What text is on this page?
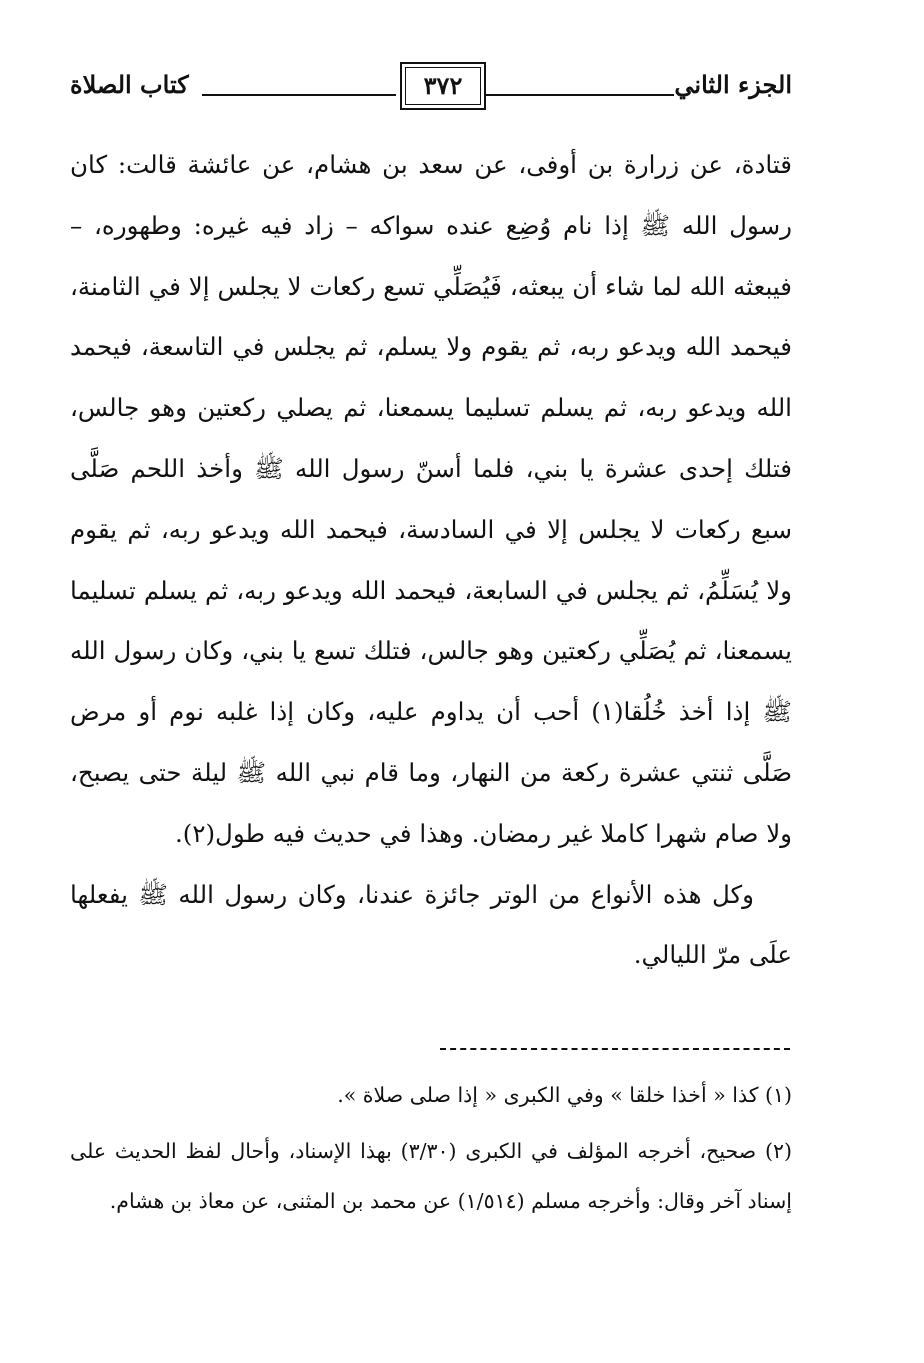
الجزء الثاني
٣٧٢
كتاب الصلاة

قتادة، عن زرارة بن أوفى، عن سعد بن هشام، عن عائشة قالت: كان رسول الله ﷺ إذا نام وُضِع عنده سواكه – زاد فيه غيره: وطهوره، – فيبعثه الله لما شاء أن يبعثه، فَيُصَلِّي تسع ركعات لا يجلس إلا في الثامنة، فيحمد الله ويدعو ربه، ثم يقوم ولا يسلم، ثم يجلس في التاسعة، فيحمد الله ويدعو ربه، ثم يسلم تسليما يسمعنا، ثم يصلي ركعتين وهو جالس، فتلك إحدى عشرة يا بني، فلما أسنّ رسول الله ﷺ وأخذ اللحم صَلَّى سبع ركعات لا يجلس إلا في السادسة، فيحمد الله ويدعو ربه، ثم يقوم ولا يُسَلِّمُ، ثم يجلس في السابعة، فيحمد الله ويدعو ربه، ثم يسلم تسليما يسمعنا، ثم يُصَلِّي ركعتين وهو جالس، فتلك تسع يا بني، وكان رسول الله ﷺ إذا أخذ خُلُقا(١) أحب أن يداوم عليه، وكان إذا غلبه نوم أو مرض صَلَّى ثنتي عشرة ركعة من النهار، وما قام نبي الله ﷺ ليلة حتى يصبح، ولا صام شهرا كاملا غير رمضان. وهذا في حديث فيه طول(٢).

وكل هذه الأنواع من الوتر جائزة عندنا، وكان رسول الله ﷺ يفعلها علَى مرّ الليالي.

(١) كذا « أخذا خلقا » وفي الكبرى « إذا صلى صلاة ».

(٢) صحيح، أخرجه المؤلف في الكبرى (٣/٣٠) بهذا الإسناد، وأحال لفظ الحديث على إسناد آخر وقال: وأخرجه مسلم (١/٥١٤) عن محمد بن المثنى، عن معاذ بن هشام.
